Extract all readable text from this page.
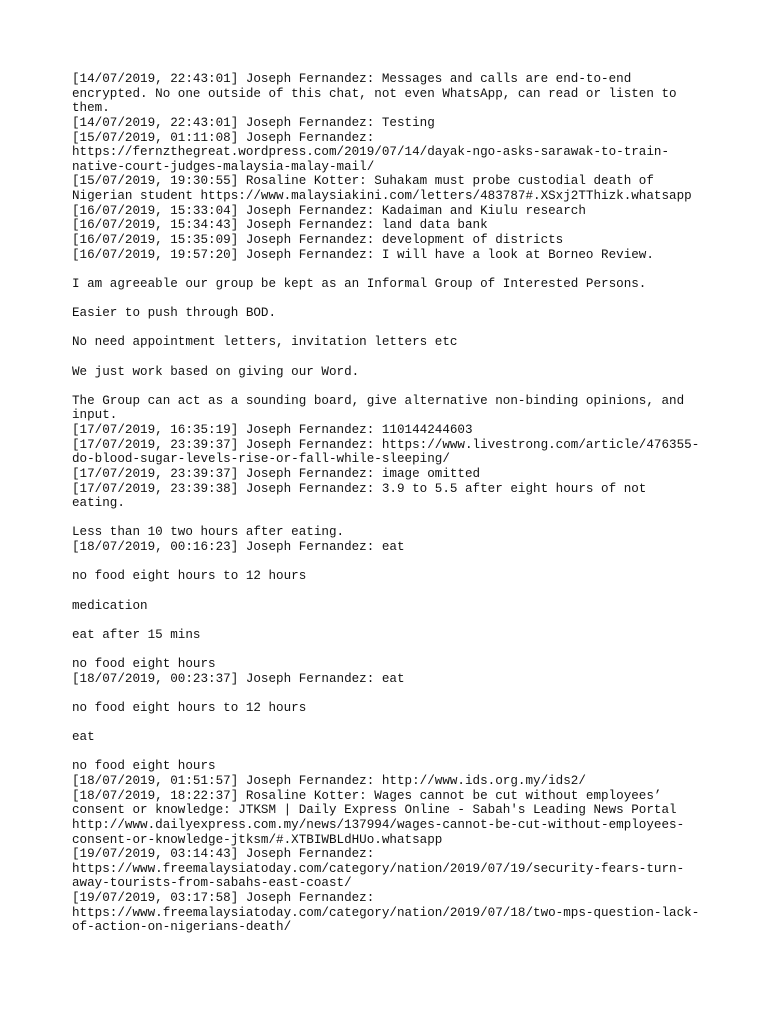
[14/07/2019, 22:43:01] Joseph Fernandez: Messages and calls are end-to-end
encrypted. No one outside of this chat, not even WhatsApp, can read or listen to
them.
[14/07/2019, 22:43:01] Joseph Fernandez: Testing
[15/07/2019, 01:11:08] Joseph Fernandez:
https://fernzthegreat.wordpress.com/2019/07/14/dayak-ngo-asks-sarawak-to-train-
native-court-judges-malaysia-malay-mail/
[15/07/2019, 19:30:55] Rosaline Kotter: Suhakam must probe custodial death of
Nigerian student https://www.malaysiakini.com/letters/483787#.XSxj2TThizk.whatsapp
[16/07/2019, 15:33:04] Joseph Fernandez: Kadaiman and Kiulu research
[16/07/2019, 15:34:43] Joseph Fernandez: land data bank
[16/07/2019, 15:35:09] Joseph Fernandez: development of districts
[16/07/2019, 19:57:20] Joseph Fernandez: I will have a look at Borneo Review.
I am agreeable our group be kept as an Informal Group of Interested Persons.
Easier to push through BOD.
No need appointment letters, invitation letters etc
We just work based on giving our Word.
The Group can act as a sounding board, give alternative non-binding opinions, and
input.
[17/07/2019, 16:35:19] Joseph Fernandez: 110144244603
[17/07/2019, 23:39:37] Joseph Fernandez: https://www.livestrong.com/article/476355-
do-blood-sugar-levels-rise-or-fall-while-sleeping/
[17/07/2019, 23:39:37] Joseph Fernandez: image omitted
[17/07/2019, 23:39:38] Joseph Fernandez: 3.9 to 5.5 after eight hours of not
eating.
Less than 10 two hours after eating.
[18/07/2019, 00:16:23] Joseph Fernandez: eat
no food eight hours to 12 hours
medication
eat after 15 mins
no food eight hours
[18/07/2019, 00:23:37] Joseph Fernandez: eat
no food eight hours to 12 hours
eat
no food eight hours
[18/07/2019, 01:51:57] Joseph Fernandez: http://www.ids.org.my/ids2/
[18/07/2019, 18:22:37] Rosaline Kotter: Wages cannot be cut without employees’
consent or knowledge: JTKSM | Daily Express Online - Sabah's Leading News Portal
http://www.dailyexpress.com.my/news/137994/wages-cannot-be-cut-without-employees-
consent-or-knowledge-jtksm/#.XTBIWBLdHUo.whatsapp
[19/07/2019, 03:14:43] Joseph Fernandez:
https://www.freemalaysiatoday.com/category/nation/2019/07/19/security-fears-turn-
away-tourists-from-sabahs-east-coast/
[19/07/2019, 03:17:58] Joseph Fernandez:
https://www.freemalaysiatoday.com/category/nation/2019/07/18/two-mps-question-lack-
of-action-on-nigerians-death/
